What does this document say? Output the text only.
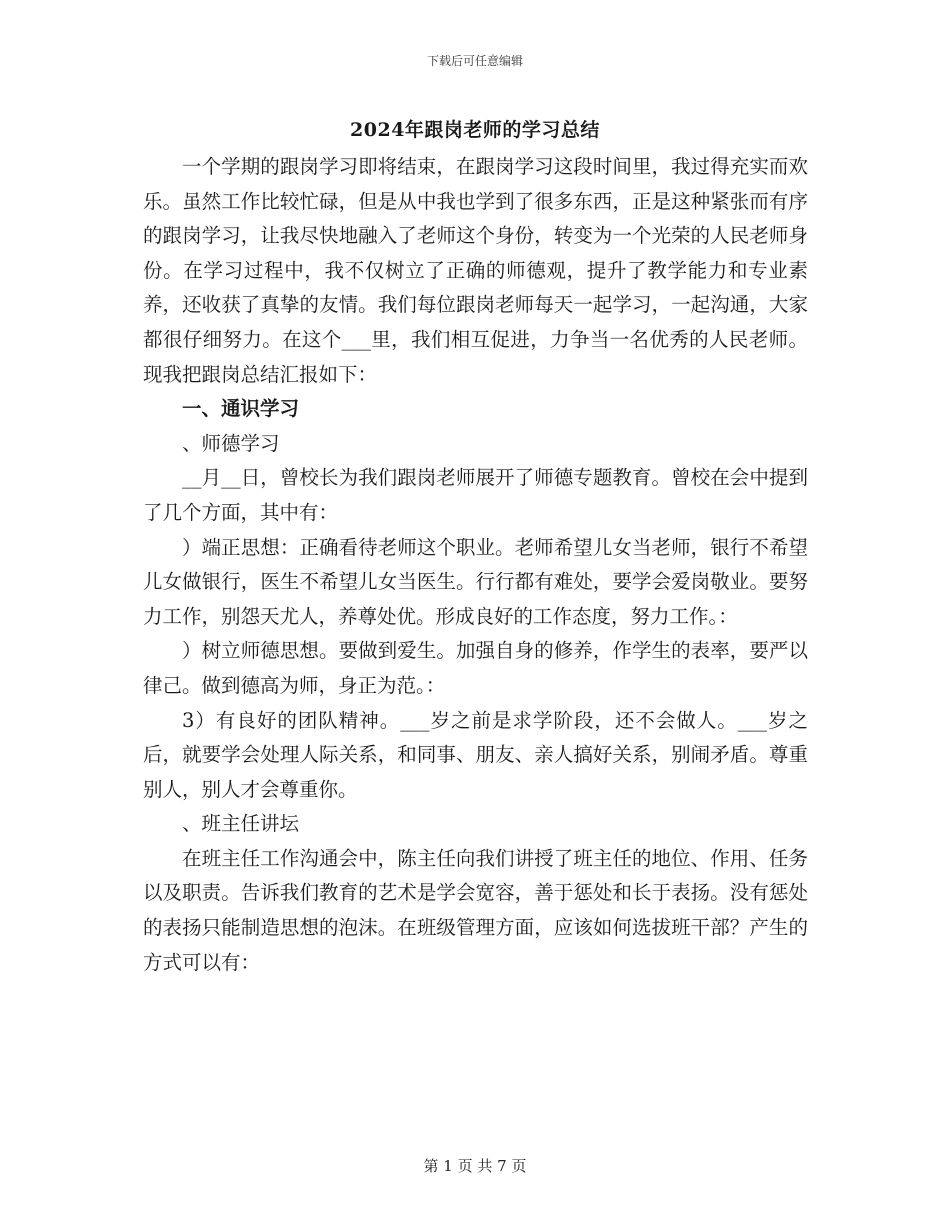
下载后可任意编辑
2024年跟岗老师的学习总结

一个学期的跟岗学习即将结束，在跟岗学习这段时间里，我过得充实而欢乐。虽然工作比较忙碌，但是从中我也学到了很多东西，正是这种紧张而有序的跟岗学习，让我尽快地融入了老师这个身份，转变为一个光荣的人民老师身份。在学习过程中，我不仅树立了正确的师德观，提升了教学能力和专业素养，还收获了真挚的友情。我们每位跟岗老师每天一起学习，一起沟通，大家都很仔细努力。在这个___里，我们相互促进，力争当一名优秀的人民老师。现我把跟岗总结汇报如下：

一、通识学习

、师德学习

__月__日，曾校长为我们跟岗老师展开了师德专题教育。曾校在会中提到了几个方面，其中有：

）端正思想：正确看待老师这个职业。老师希望儿女当老师，银行不希望儿女做银行，医生不希望儿女当医生。行行都有难处，要学会爱岗敬业。要努力工作，别怨天尤人，养尊处优。形成良好的工作态度，努力工作。：

）树立师德思想。要做到爱生。加强自身的修养，作学生的表率，要严以律己。做到德高为师，身正为范。：

3）有良好的团队精神。___岁之前是求学阶段，还不会做人。___岁之后，就要学会处理人际关系，和同事、朋友、亲人搞好关系，别闹矛盾。尊重别人，别人才会尊重你。

、班主任讲坛

在班主任工作沟通会中，陈主任向我们讲授了班主任的地位、作用、任务以及职责。告诉我们教育的艺术是学会宽容，善于惩处和长于表扬。没有惩处的表扬只能制造思想的泡沫。在班级管理方面，应该如何选拔班干部？产生的方式可以有：

第 1 页 共 7 页
